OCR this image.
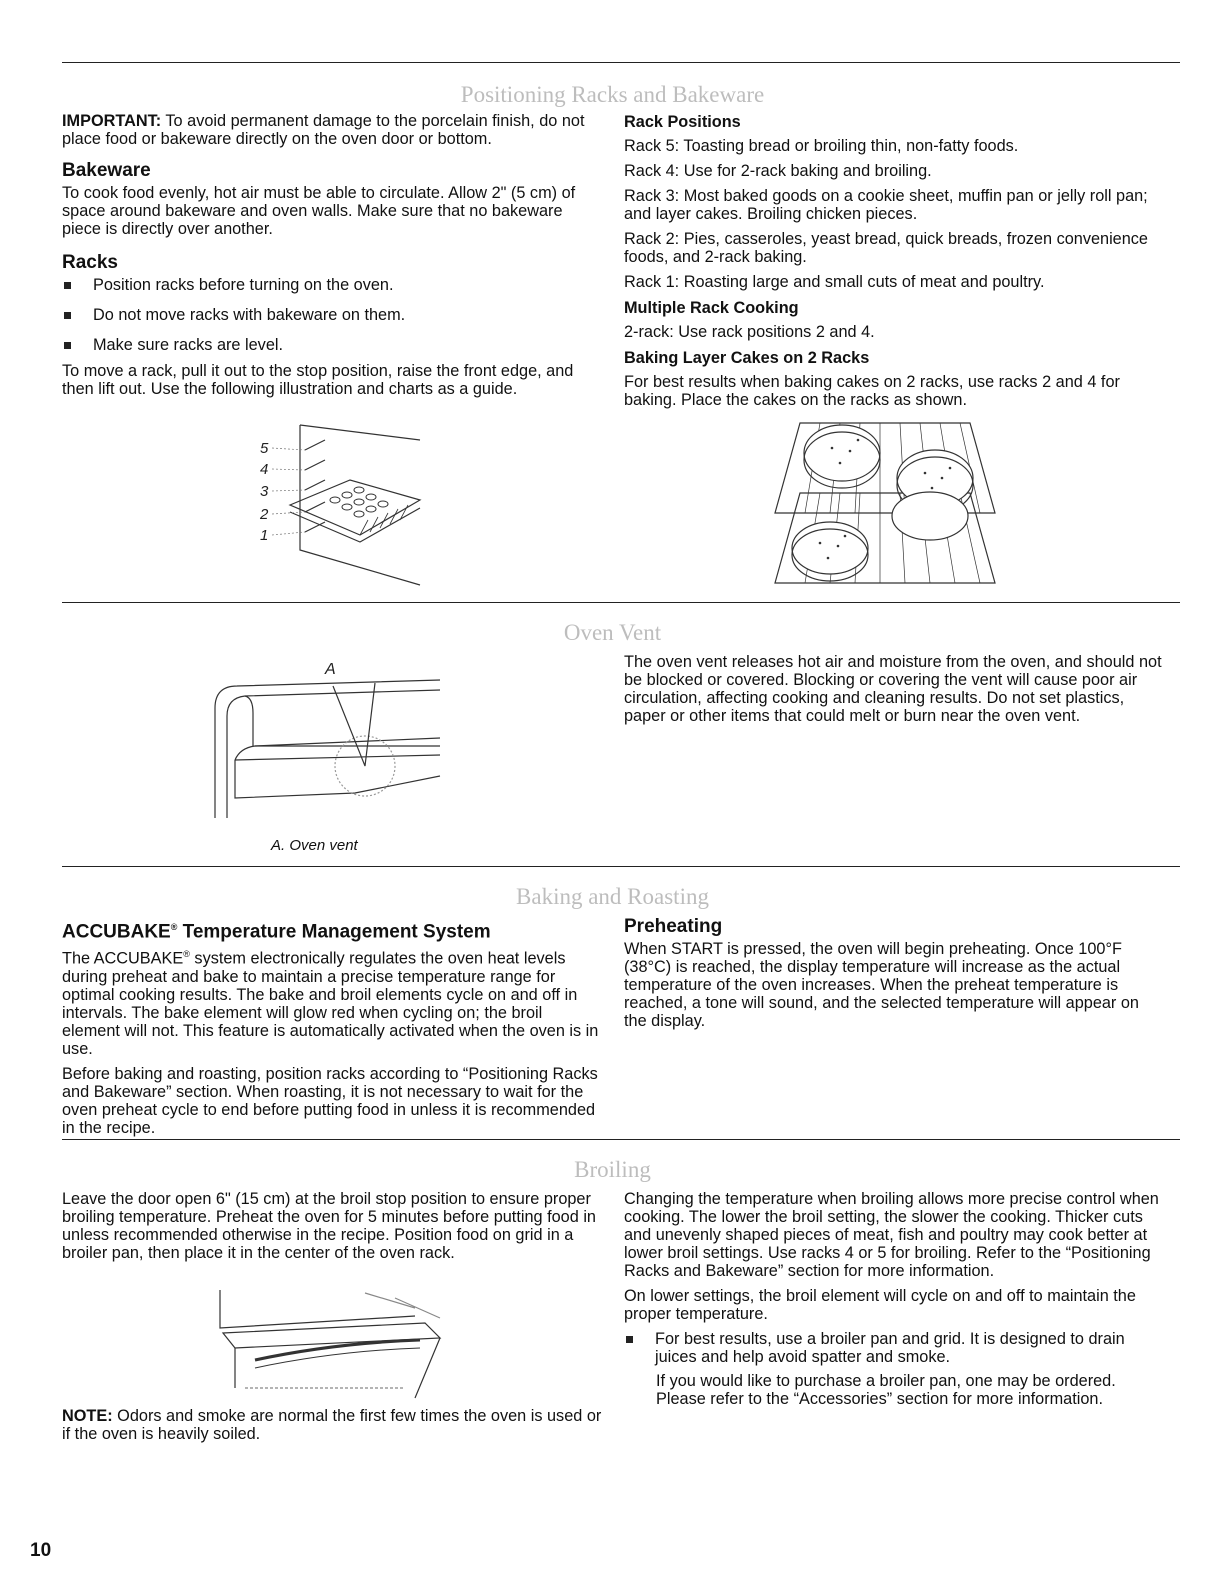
Positioning Racks and Bakeware

IMPORTANT: To avoid permanent damage to the porcelain finish, do not place food or bakeware directly on the oven door or bottom.

Bakeware

To cook food evenly, hot air must be able to circulate. Allow 2" (5 cm) of space around bakeware and oven walls. Make sure that no bakeware piece is directly over another.

Racks
Position racks before turning on the oven.
Do not move racks with bakeware on them.
Make sure racks are level.

To move a rack, pull it out to the stop position, raise the front edge, and then lift out. Use the following illustration and charts as a guide.

Rack Positions

Rack 5: Toasting bread or broiling thin, non-fatty foods.

Rack 4: Use for 2-rack baking and broiling.

Rack 3: Most baked goods on a cookie sheet, muffin pan or jelly roll pan; and layer cakes. Broiling chicken pieces.

Rack 2: Pies, casseroles, yeast bread, quick breads, frozen convenience foods, and 2-rack baking.

Rack 1: Roasting large and small cuts of meat and poultry.

Multiple Rack Cooking

2-rack: Use rack positions 2 and 4.

Baking Layer Cakes on 2 Racks

For best results when baking cakes on 2 racks, use racks 2 and 4 for baking. Place the cakes on the racks as shown.

5
4
3
2
1
Oven Vent
A
A. Oven vent

The oven vent releases hot air and moisture from the oven, and should not be blocked or covered. Blocking or covering the vent will cause poor air circulation, affecting cooking and cleaning results. Do not set plastics, paper or other items that could melt or burn near the oven vent.

Baking and Roasting
ACCUBAKE® Temperature Management System

The ACCUBAKE® system electronically regulates the oven heat levels during preheat and bake to maintain a precise temperature range for optimal cooking results. The bake and broil elements cycle on and off in intervals. The bake element will glow red when cycling on; the broil element will not. This feature is automatically activated when the oven is in use.

Before baking and roasting, position racks according to “Positioning Racks and Bakeware” section. When roasting, it is not necessary to wait for the oven preheat cycle to end before putting food in unless it is recommended in the recipe.

Preheating

When START is pressed, the oven will begin preheating. Once 100°F (38°C) is reached, the display temperature will increase as the actual temperature of the oven increases. When the preheat temperature is reached, a tone will sound, and the selected temperature will appear on the display.

Broiling

Leave the door open 6" (15 cm) at the broil stop position to ensure proper broiling temperature. Preheat the oven for 5 minutes before putting food in unless recommended otherwise in the recipe. Position food on grid in a broiler pan, then place it in the center of the oven rack.

NOTE: Odors and smoke are normal the first few times the oven is used or if the oven is heavily soiled.

Changing the temperature when broiling allows more precise control when cooking. The lower the broil setting, the slower the cooking. Thicker cuts and unevenly shaped pieces of meat, fish and poultry may cook better at lower broil settings. Use racks 4 or 5 for broiling. Refer to the “Positioning Racks and Bakeware” section for more information.

On lower settings, the broil element will cycle on and off to maintain the proper temperature.

For best results, use a broiler pan and grid. It is designed to drain juices and help avoid spatter and smoke.

If you would like to purchase a broiler pan, one may be ordered. Please refer to the “Accessories” section for more information.

10
